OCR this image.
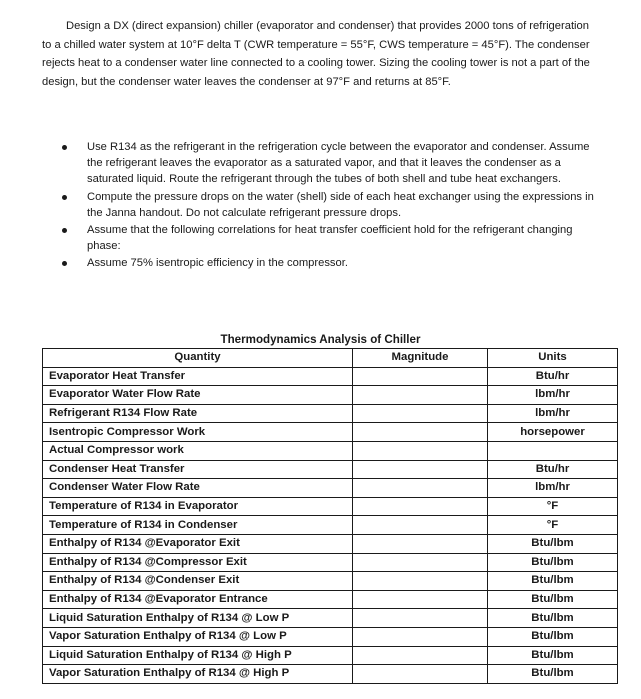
Design a DX (direct expansion) chiller (evaporator and condenser) that provides 2000 tons of refrigeration to a chilled water system at 10°F delta T (CWR temperature = 55°F, CWS temperature = 45°F). The condenser rejects heat to a condenser water line connected to a cooling tower. Sizing the cooling tower is not a part of the design, but the condenser water leaves the condenser at 97°F and returns at 85°F.

Use R134 as the refrigerant in the refrigeration cycle between the evaporator and condenser. Assume the refrigerant leaves the evaporator as a saturated vapor, and that it leaves the condenser as a saturated liquid. Route the refrigerant through the tubes of both shell and tube heat exchangers.
Compute the pressure drops on the water (shell) side of each heat exchanger using the expressions in the Janna handout. Do not calculate refrigerant pressure drops.
Assume that the following correlations for heat transfer coefficient hold for the refrigerant changing phase:
Assume 75% isentropic efficiency in the compressor.
Thermodynamics Analysis of Chiller
Quantity	Magnitude	Units
Evaporator Heat Transfer		Btu/hr
Evaporator Water Flow Rate		lbm/hr
Refrigerant R134 Flow Rate		lbm/hr
Isentropic Compressor Work		horsepower
Actual Compressor work		
Condenser Heat Transfer		Btu/hr
Condenser Water Flow Rate		lbm/hr
Temperature of R134 in Evaporator		°F
Temperature of R134 in Condenser		°F
Enthalpy of R134 @Evaporator Exit		Btu/lbm
Enthalpy of R134 @Compressor Exit		Btu/lbm
Enthalpy of R134 @Condenser Exit		Btu/lbm
Enthalpy of R134 @Evaporator Entrance		Btu/lbm
Liquid Saturation Enthalpy of R134 @ Low P		Btu/lbm
Vapor Saturation Enthalpy of R134 @ Low P		Btu/lbm
Liquid Saturation Enthalpy of R134 @ High P		Btu/lbm
Vapor Saturation Enthalpy of R134 @ High P		Btu/lbm
